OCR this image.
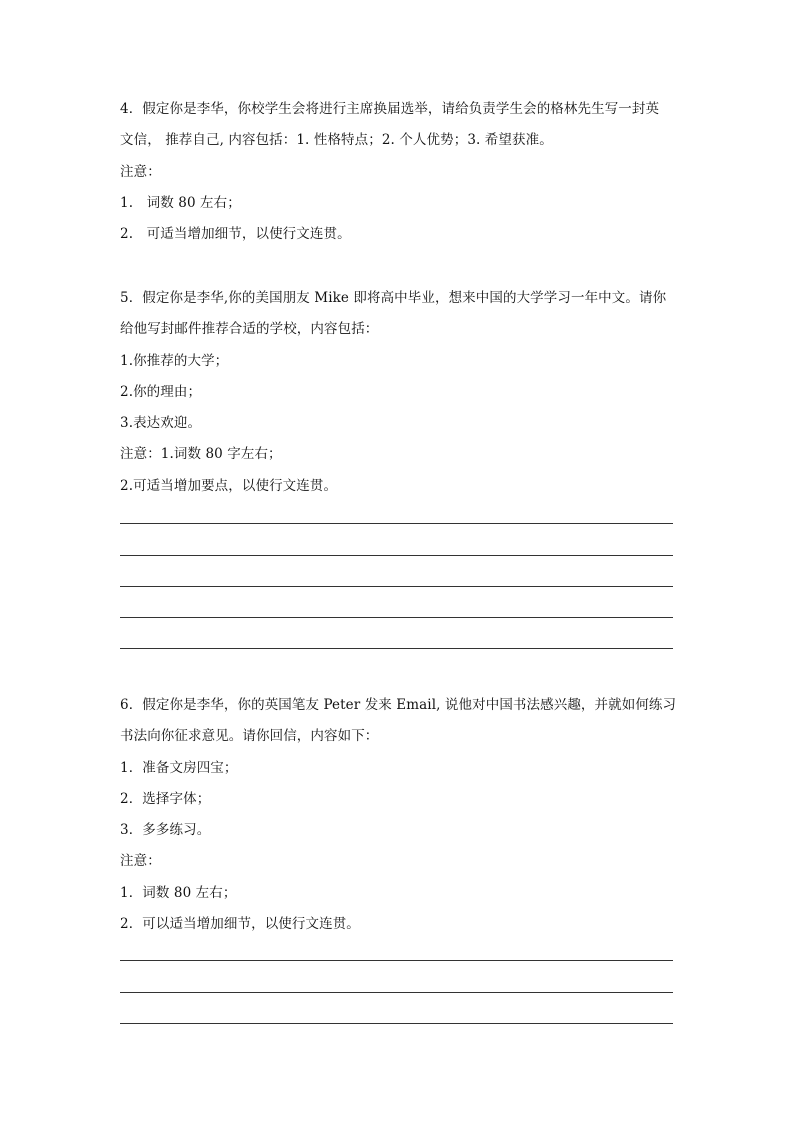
4．假定你是李华，你校学生会将进行主席换届选举，请给负责学生会的格林先生写一封英
文信， 推荐自己, 内容包括：1. 性格特点；2. 个人优势；3. 希望获准。
注意：
1.　词数 80 左右；
2.　可适当增加细节，以使行文连贯。
5．假定你是李华,你的美国朋友 Mike 即将高中毕业，想来中国的大学学习一年中文。请你
给他写封邮件推荐合适的学校，内容包括：
1.你推荐的大学；
2.你的理由；
3.表达欢迎。
注意：1.词数 80 字左右；
2.可适当增加要点，以使行文连贯。
6．假定你是李华，你的英国笔友 Peter 发来 Email, 说他对中国书法感兴趣，并就如何练习
书法向你征求意见。请你回信，内容如下：
1．准备文房四宝；
2．选择字体；
3．多多练习。
注意：
1．词数 80 左右；
2．可以适当增加细节，以使行文连贯。
